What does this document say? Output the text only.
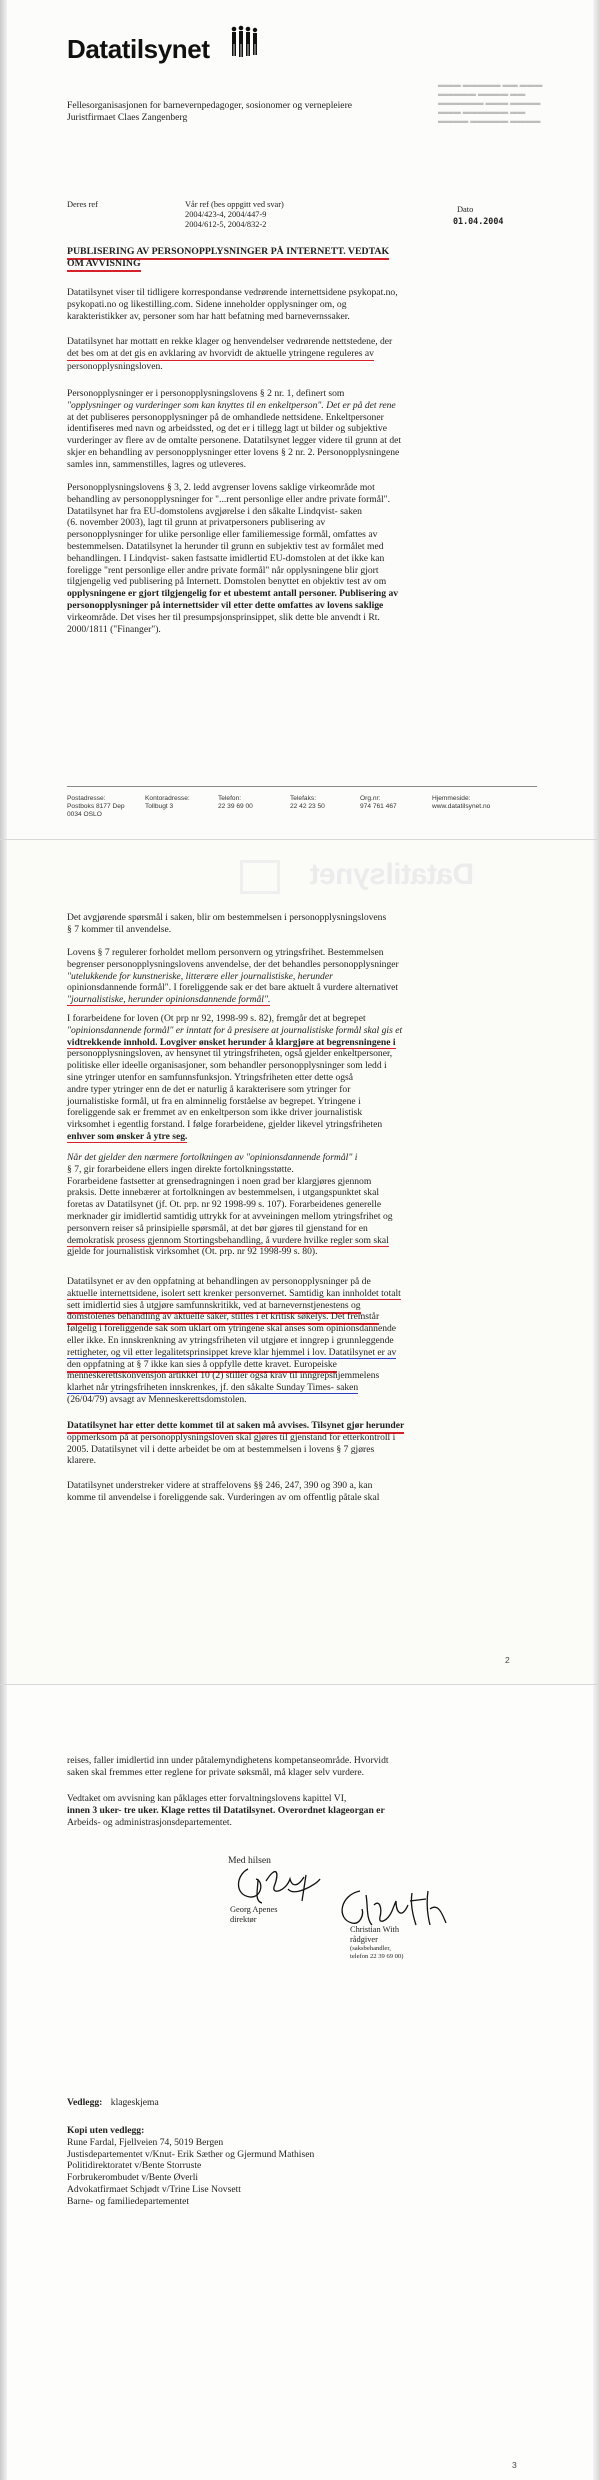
Datatilsynet
▬▬▬ ▬▬▬▬▬ ▬▬ ▬▬▬
▬▬▬▬▬ ▬▬▬▬ ▬▬
▬▬▬▬▬▬ ▬▬▬ ▬▬▬▬
▬▬▬ ▬▬▬▬▬▬ ▬▬
▬▬▬▬ ▬▬▬▬▬ ▬▬▬▬
Fellesorganisasjonen for barnevernpedagoger, sosionomer og vernepleiere
Juristfirmaet Claes Zangenberg
Deres ref	Vår ref (bes oppgitt ved svar)
2004/423-4, 2004/447-9
2004/612-5, 2004/832-2
Dato
01.04.2004
PUBLISERING AV PERSONOPPLYSNINGER PÅ INTERNETT. VEDTAK
OM AVVISNING
Datatilsynet viser til tidligere korrespondanse vedrørende internettsidene psykopat.no,
psykopati.no og likestilling.com. Sidene inneholder opplysninger om, og
karakteristikker av, personer som har hatt befatning med barnevernssaker.
Datatilsynet har mottatt en rekke klager og henvendelser vedrørende nettstedene, der
det bes om at det gis en avklaring av hvorvidt de aktuelle ytringene reguleres av
personopplysningsloven.
Personopplysninger er i personopplysningslovens § 2 nr. 1, definert som
"opplysninger og vurderinger som kan knyttes til en enkeltperson". Det er på det rene
at det publiseres personopplysninger på de omhandlede nettsidene. Enkeltpersoner
identifiseres med navn og arbeidssted, og det er i tillegg lagt ut bilder og subjektive
vurderinger av flere av de omtalte personene. Datatilsynet legger videre til grunn at det
skjer en behandling av personopplysninger etter lovens § 2 nr. 2. Personopplysningene
samles inn, sammenstilles, lagres og utleveres.
Personopplysningslovens § 3, 2. ledd avgrenser lovens saklige virkeområde mot
behandling av personopplysninger for "...rent personlige eller andre private formål".
Datatilsynet har fra EU-domstolens avgjørelse i den såkalte Lindqvist- saken
(6. november 2003), lagt til grunn at privatpersoners publisering av
personopplysninger for ulike personlige eller familiemessige formål, omfattes av
bestemmelsen. Datatilsynet la herunder til grunn en subjektiv test av formålet med
behandlingen. I Lindqvist- saken fastsatte imidlertid EU-domstolen at det ikke kan
foreligge "rent personlige eller andre private formål" når opplysningene blir gjort
tilgjengelig ved publisering på Internett. Domstolen benyttet en objektiv test av om
opplysningene er gjort tilgjengelig for et ubestemt antall personer. Publisering av
personopplysninger på internettsider vil etter dette omfattes av lovens saklige
virkeområde. Det vises her til presumpsjonsprinsippet, slik dette ble anvendt i Rt.
2000/1811 ("Finanger").
Postadresse:
Postboks 8177 Dep
0034 OSLO
Kontoradresse:
Tollbugt 3
Telefon:
22 39 69 00
Telefaks:
22 42 23 50
Org.nr:
974 761 467
Hjemmeside:
www.datatilsynet.no
Datatilsynet
Det avgjørende spørsmål i saken, blir om bestemmelsen i personopplysningslovens
§ 7 kommer til anvendelse.
Lovens § 7 regulerer forholdet mellom personvern og ytringsfrihet. Bestemmelsen
begrenser personopplysningslovens anvendelse, der det behandles personopplysninger
"utelukkende for kunstneriske, litterære eller journalistiske, herunder
opinionsdannende formål". I foreliggende sak er det bare aktuelt å vurdere alternativet
"journalistiske, herunder opinionsdannende formål".
I forarbeidene for loven (Ot prp nr 92, 1998-99 s. 82), fremgår det at begrepet
"opinionsdannende formål" er inntatt for å presisere at journalistiske formål skal gis et
vidtrekkende innhold. Lovgiver ønsket herunder å klargjøre at begrensningene i
personopplysningsloven, av hensynet til ytringsfriheten, også gjelder enkeltpersoner,
politiske eller ideelle organisasjoner, som behandler personopplysninger som ledd i
sine ytringer utenfor en samfunnsfunksjon. Ytringsfriheten etter dette også
andre typer ytringer enn de det er naturlig å karakterisere som ytringer for
journalistiske formål, ut fra en alminnelig forståelse av begrepet. Ytringene i
foreliggende sak er fremmet av en enkeltperson som ikke driver journalistisk
virksomhet i egentlig forstand. I følge forarbeidene, gjelder likevel ytringsfriheten
enhver som ønsker å ytre seg.
Når det gjelder den nærmere fortolkningen av "opinionsdannende formål" i
§ 7, gir forarbeidene ellers ingen direkte fortolkningsstøtte.
Forarbeidene fastsetter at grensedragningen i noen grad ber klargjøres gjennom
praksis. Dette innebærer at fortolkningen av bestemmelsen, i utgangspunktet skal
foretas av Datatilsynet (jf. Ot. prp. nr 92 1998-99 s. 107). Forarbeidenes generelle
merknader gir imidlertid samtidig uttrykk for at avveiningen mellom ytringsfrihet og
personvern reiser så prinsipielle spørsmål, at det bør gjøres til gjenstand for en
demokratisk prosess gjennom Stortingsbehandling, å vurdere hvilke regler som skal
gjelde for journalistisk virksomhet (Ot. prp. nr 92 1998-99 s. 80).
Datatilsynet er av den oppfatning at behandlingen av personopplysninger på de
aktuelle internettsidene, isolert sett krenker personvernet. Samtidig kan innholdet totalt
sett imidlertid sies å utgjøre samfunnskritikk, ved at barnevernstjenestens og
domstolenes behandling av aktuelle saker, stilles i et kritisk søkelys. Det fremstår
følgelig i foreliggende sak som uklart om ytringene skal anses som opinionsdannende
eller ikke. En innskrenkning av ytringsfriheten vil utgjøre et inngrep i grunnleggende
rettigheter, og vil etter legalitetsprinsippet kreve klar hjemmel i lov. Datatilsynet er av
den oppfatning at § 7 ikke kan sies å oppfylle dette kravet. Europeiske
menneskerettskonvensjon artikkel 10 (2) stiller også krav til inngrepshjemmelens
klarhet når ytringsfriheten innskrenkes, jf. den såkalte Sunday Times- saken
(26/04/79) avsagt av Menneskerettsdomstolen.
Datatilsynet har etter dette kommet til at saken må avvises. Tilsynet gjør herunder
oppmerksom på at personopplysningsloven skal gjøres til gjenstand for etterkontroll i
2005. Datatilsynet vil i dette arbeidet be om at bestemmelsen i lovens § 7 gjøres
klarere.
Datatilsynet understreker videre at straffelovens §§ 246, 247, 390 og 390 a, kan
komme til anvendelse i foreliggende sak. Vurderingen av om offentlig påtale skal
2
reises, faller imidlertid inn under påtalemyndighetens kompetanseområde. Hvorvidt
saken skal fremmes etter reglene for private søksmål, må klager selv vurdere.
Vedtaket om avvisning kan påklages etter forvaltningslovens kapittel VI,
innen 3 uker- tre uker. Klage rettes til Datatilsynet. Overordnet klageorgan er
Arbeids- og administrasjonsdepartementet.
Med hilsen
Georg Apenes
direktør
Christian With
rådgiver
(saksbehandler,
telefon 22 39 69 00)
Vedlegg: klageskjema
Kopi uten vedlegg:
Rune Fardal, Fjellveien 74, 5019 Bergen
Justisdepartementet v/Knut- Erik Sæther og Gjermund Mathisen
Politidirektoratet v/Bente Storruste
Forbrukerombudet v/Bente Øverli
Advokatfirmaet Schjødt v/Trine Lise Novsett
Barne- og familiedepartementet
3
